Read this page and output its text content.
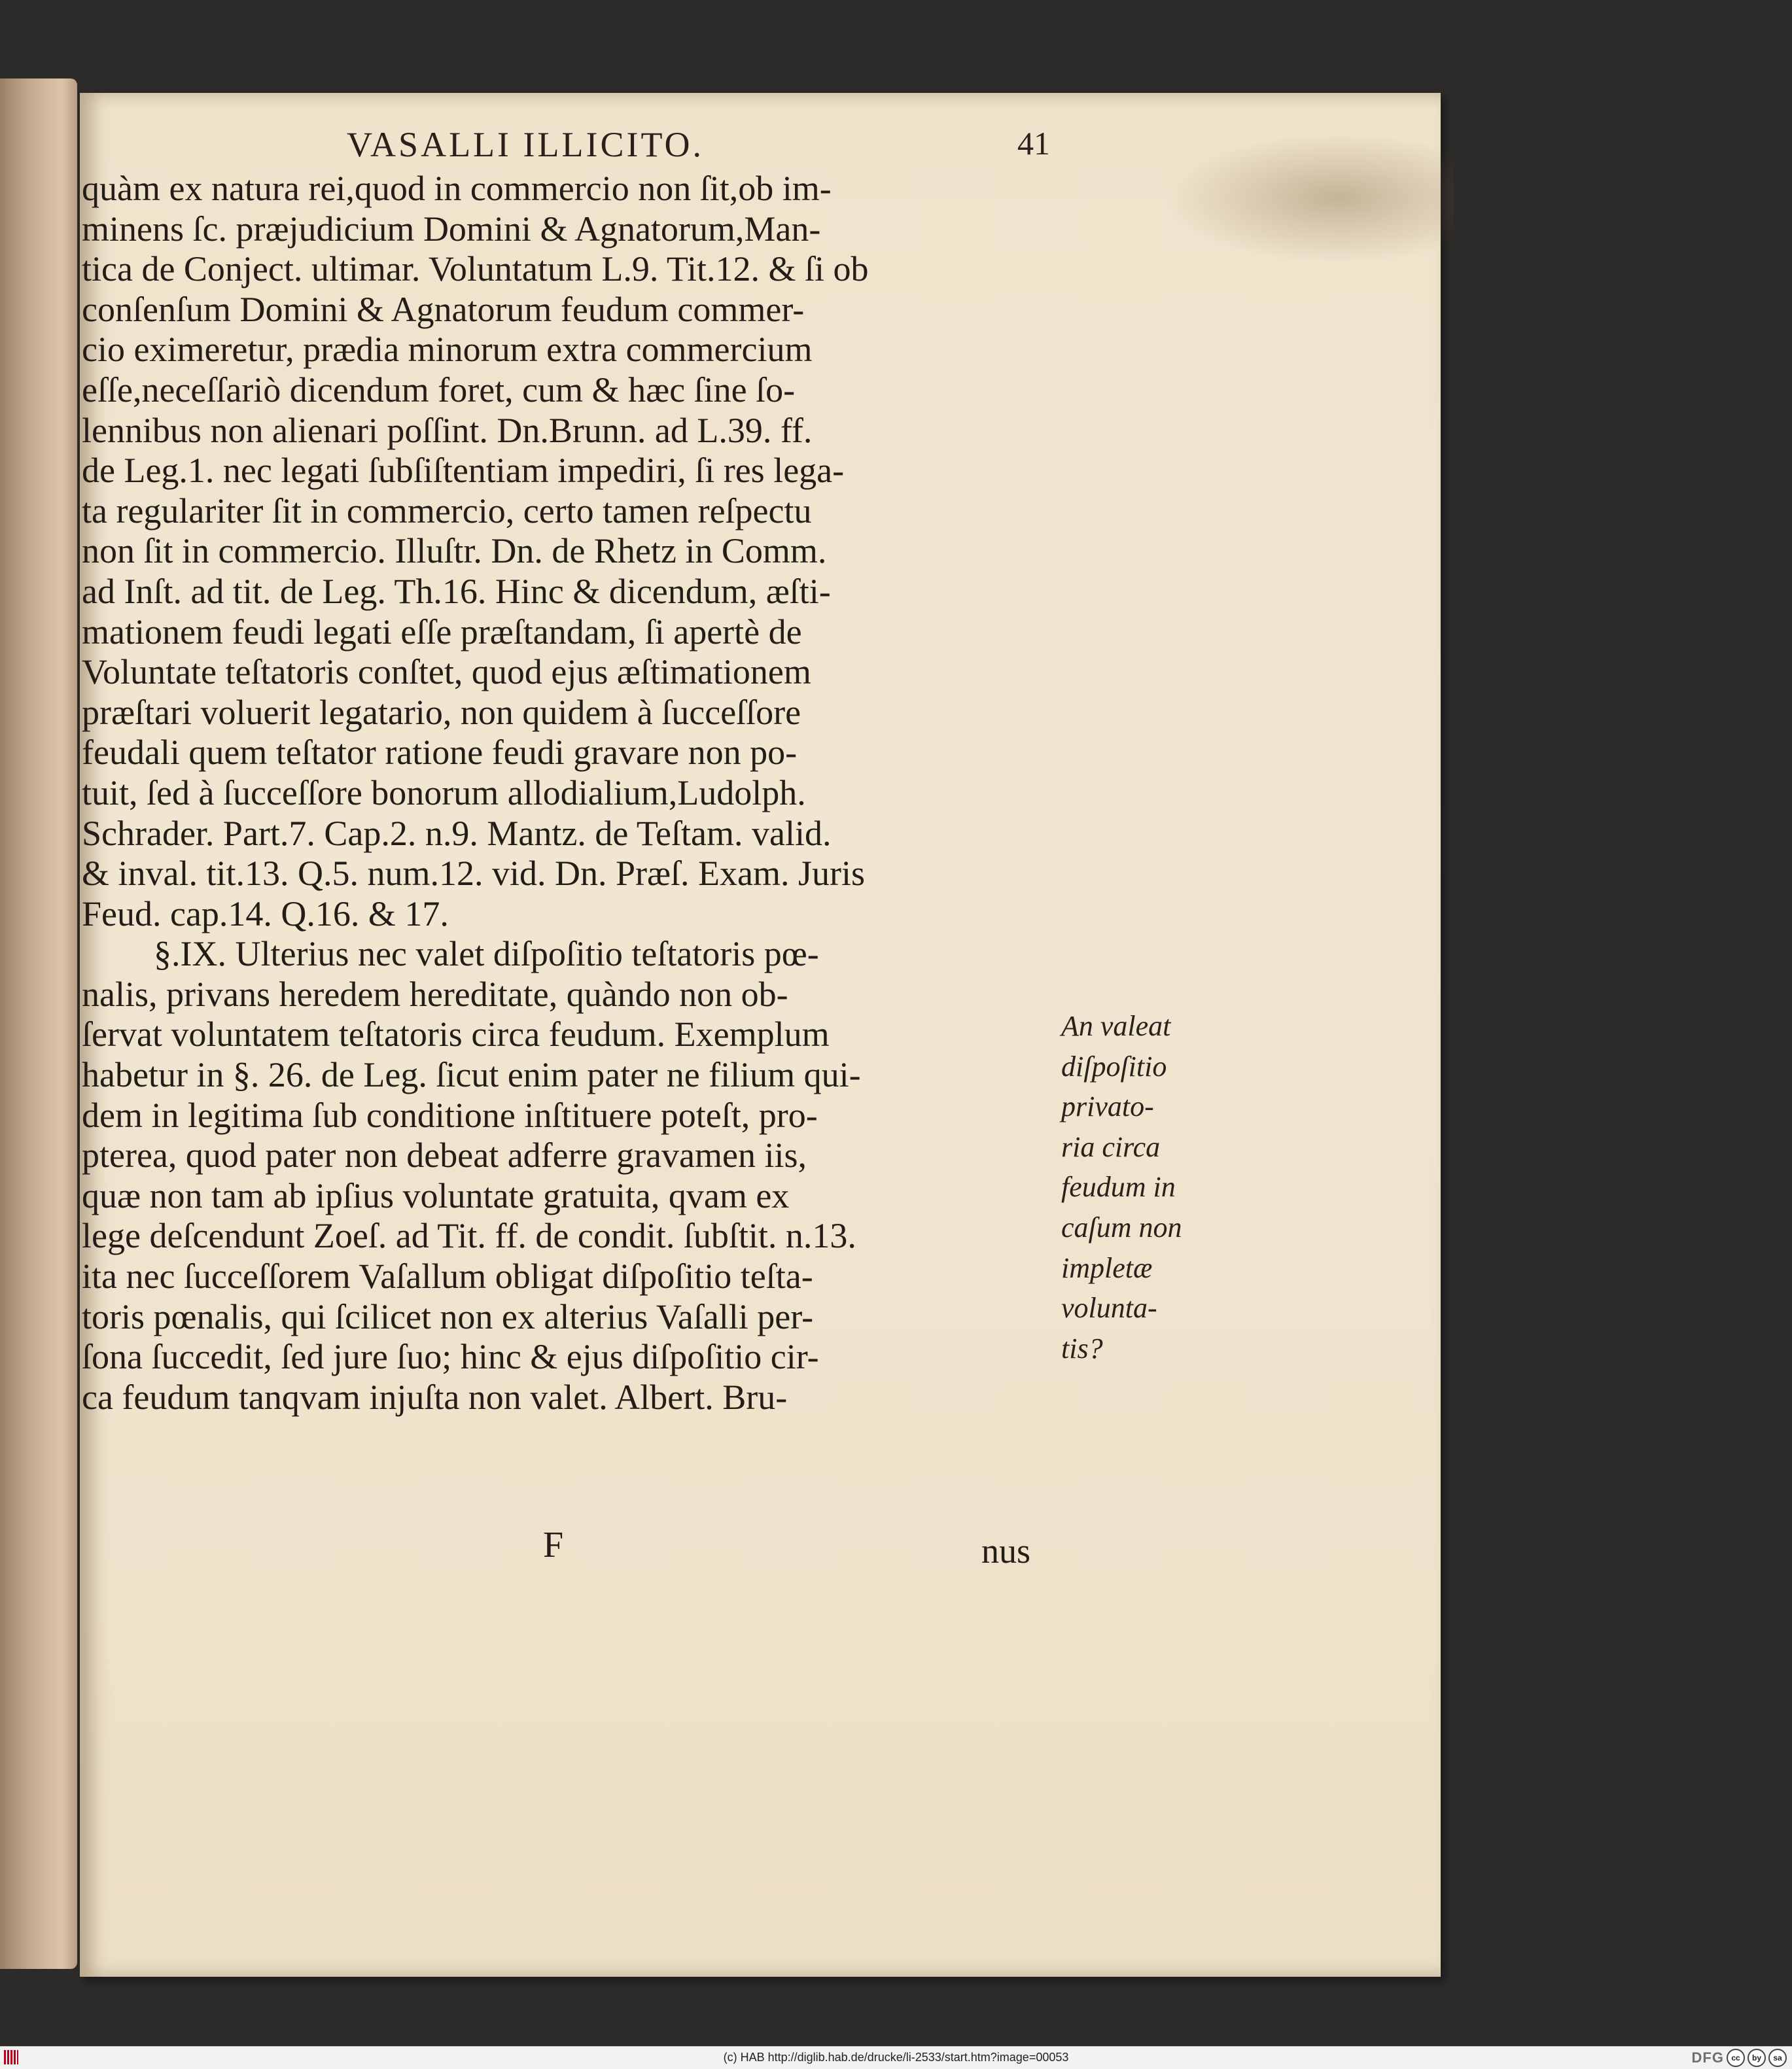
VASALLI ILLICITO.	41
quàm ex natura rei,quod in commercio non ſit,ob im-
minens ſc. præjudicium Domini & Agnatorum,Man-
tica de Conject. ultimar. Voluntatum L.9. Tit.12. & ſi ob
conſenſum Domini & Agnatorum feudum commer-
cio eximeretur, prædia minorum extra commercium
eſſe,neceſſariò dicendum foret, cum & hæc ſine ſo-
lennibus non alienari poſſint. Dn.Brunn. ad L.39. ff.
de Leg.1. nec legati ſubſiſtentiam impediri, ſi res lega-
ta regulariter ſit in commercio, certo tamen reſpectu
non ſit in commercio. Illuſtr. Dn. de Rhetz in Comm.
ad Inſt. ad tit. de Leg. Th.16. Hinc & dicendum, æſti-
mationem feudi legati eſſe præſtandam, ſi apertè de
Voluntate teſtatoris conſtet, quod ejus æſtimationem
præſtari voluerit legatario, non quidem à ſucceſſore
feudali quem teſtator ratione feudi gravare non po-
tuit, ſed à ſucceſſore bonorum allodialium,Ludolph.
Schrader. Part.7. Cap.2. n.9. Mantz. de Teſtam. valid.
& inval. tit.13. Q.5. num.12. vid. Dn. Præſ. Exam. Juris
Feud. cap.14. Q.16. & 17.
§.IX. Ulterius nec valet diſpoſitio teſtatoris pœ-
nalis, privans heredem hereditate, quàndo non ob-
ſervat voluntatem teſtatoris circa feudum. Exemplum
habetur in §. 26. de Leg. ſicut enim pater ne filium qui-
dem in legitima ſub conditione inſtituere poteſt, pro-
pterea, quod pater non debeat adferre gravamen iis,
quæ non tam ab ipſius voluntate gratuita, qvam ex
lege deſcendunt Zoeſ. ad Tit. ff. de condit. ſubſtit. n.13.
ita nec ſucceſſorem Vaſallum obligat diſpoſitio teſta-
toris pœnalis, qui ſcilicet non ex alterius Vaſalli per-
ſona ſuccedit, ſed jure ſuo; hinc & ejus diſpoſitio cir-
ca feudum tanqvam injuſta non valet. Albert. Bru-
F	nus
An valeat
diſpoſitio
privato-
ria circa
feudum in
caſum non
impletæ
volunta-
tis?
(c) HAB http://diglib.hab.de/drucke/li-2533/start.htm?image=00053	DFG cc	by	sa
